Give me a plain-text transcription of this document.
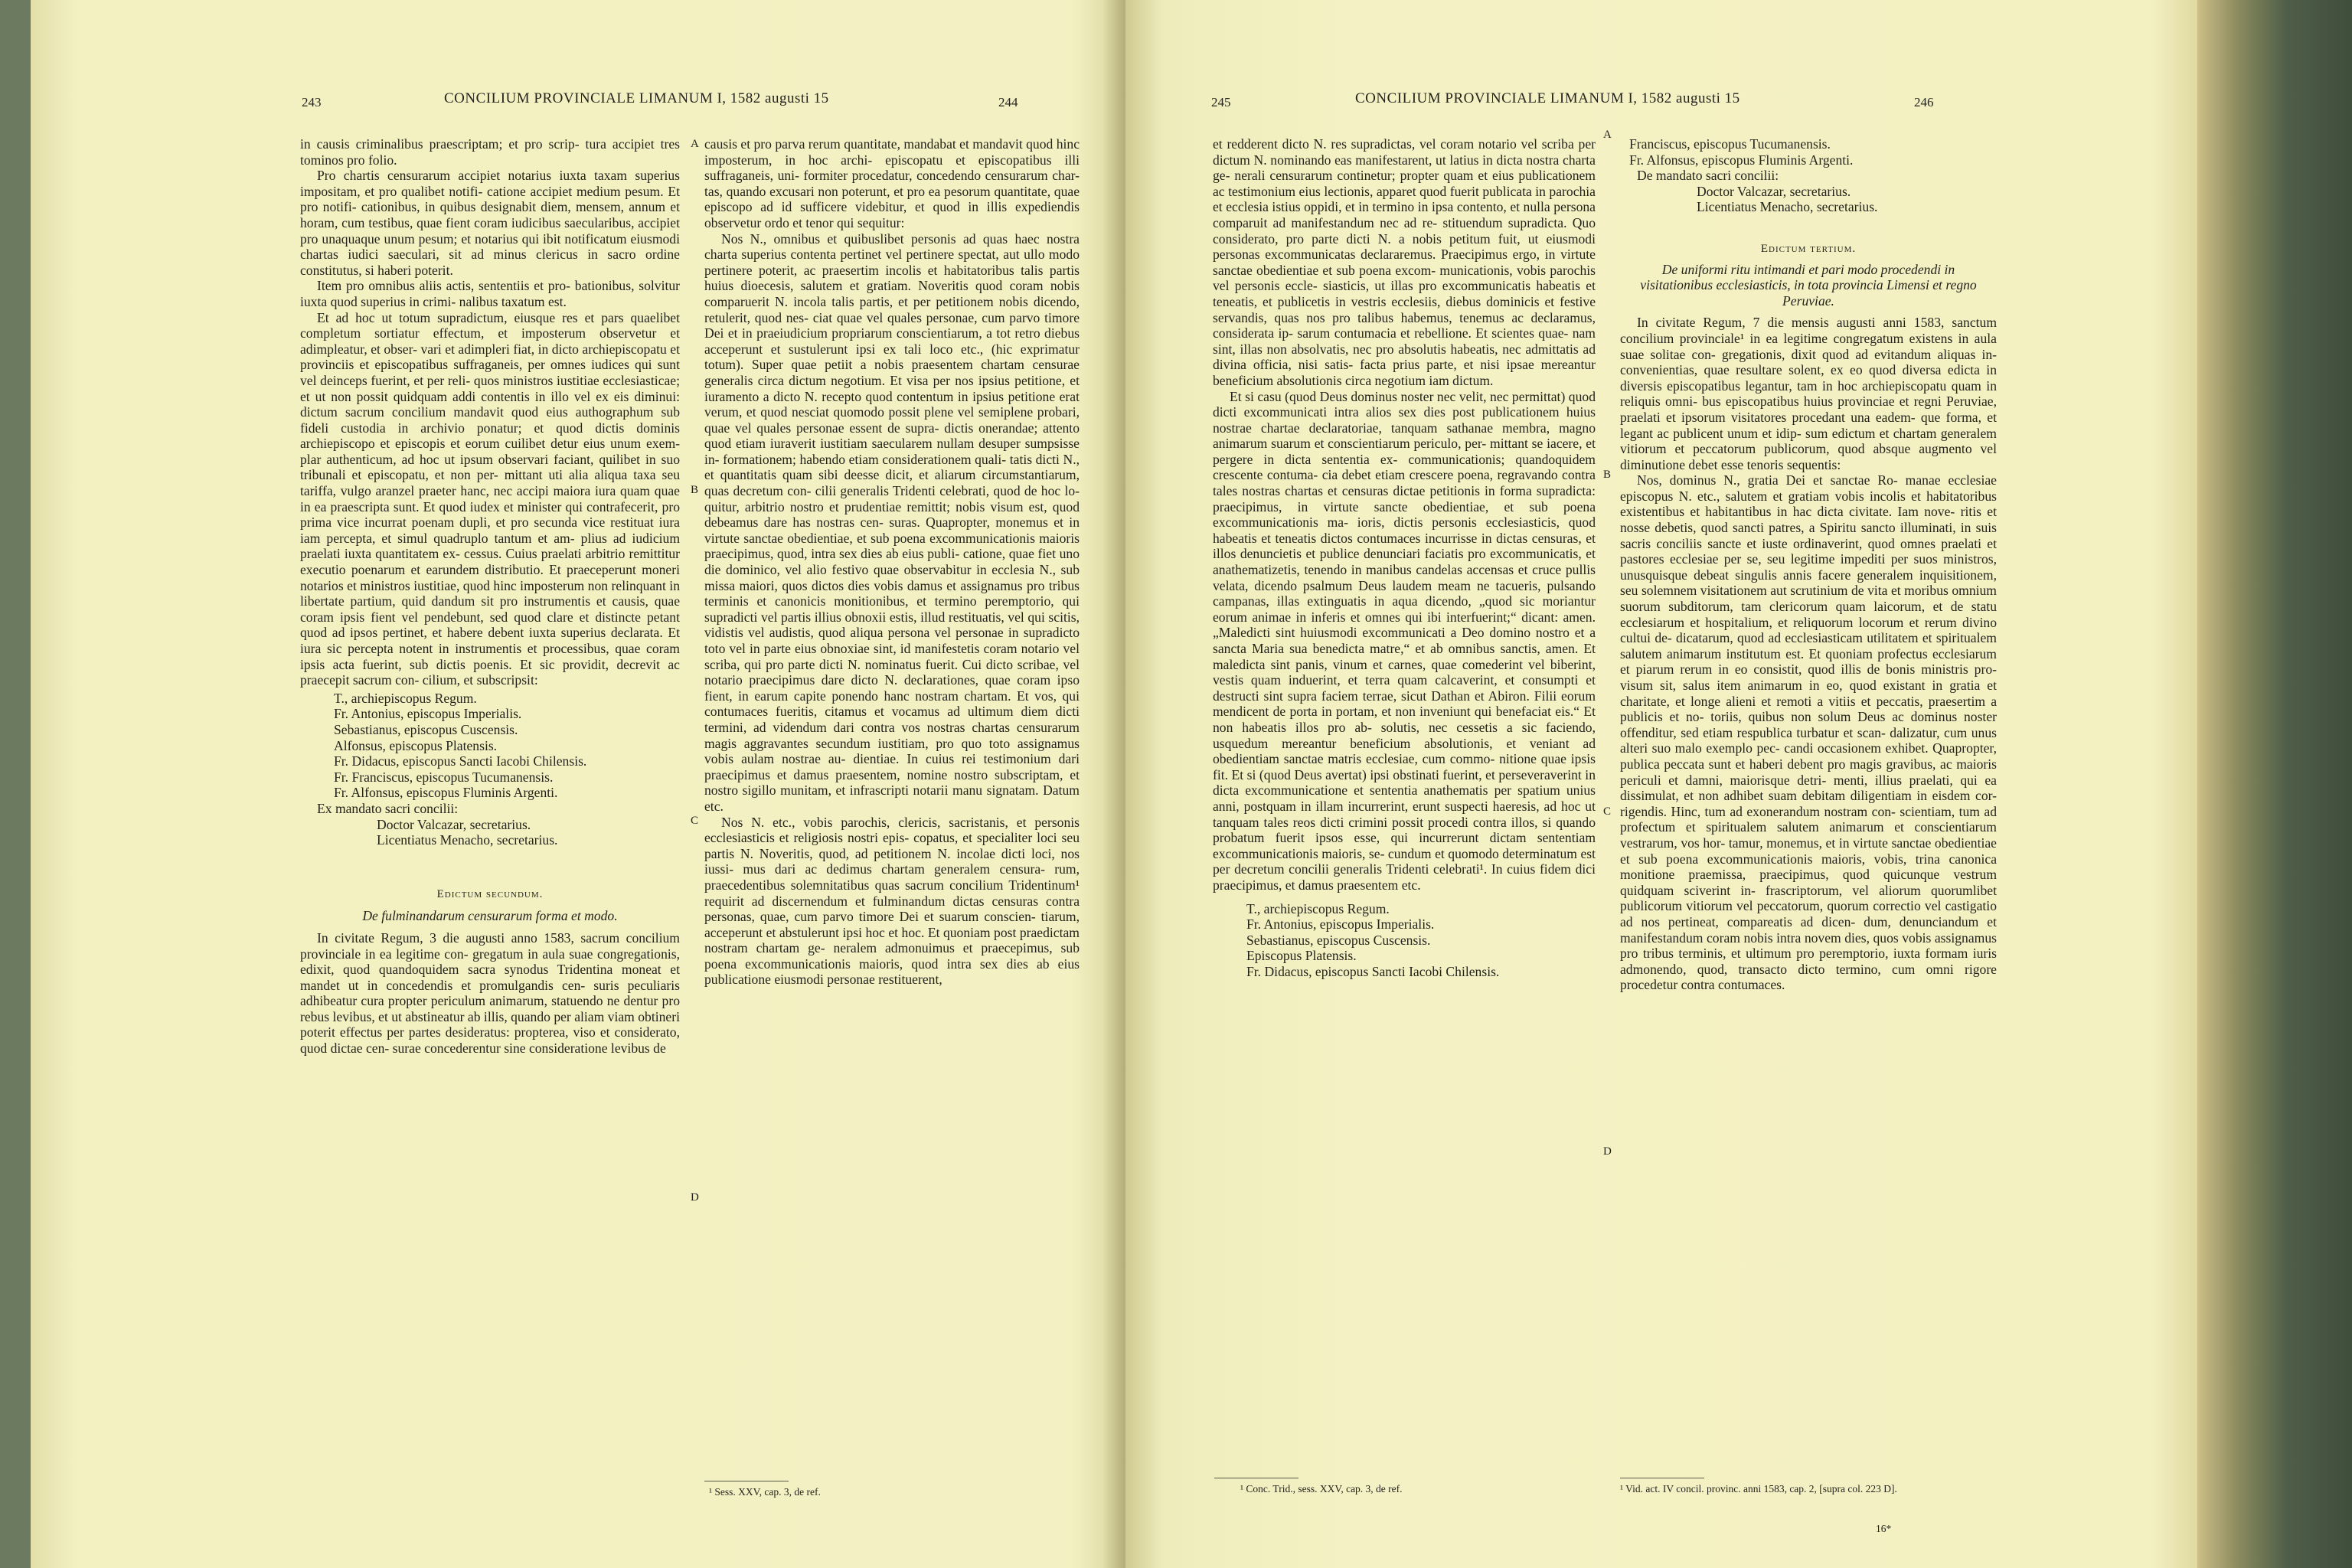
243	CONCILIUM PROVINCIALE LIMANUM I, 1582 augusti 15	244

in causis criminalibus praescriptam; et pro scrip- tura accipiet tres tominos pro folio.

Pro chartis censurarum accipiet notarius iuxta taxam superius impositam, et pro qualibet notifi- catione accipiet medium pesum. Et pro notifi- cationibus, in quibus designabit diem, mensem, annum et horam, cum testibus, quae fient coram iudicibus saecularibus, accipiet pro unaquaque unum pesum; et notarius qui ibit notificatum eiusmodi chartas iudici saeculari, sit ad minus clericus in sacro ordine constitutus, si haberi poterit.

Item pro omnibus aliis actis, sententiis et pro- bationibus, solvitur iuxta quod superius in crimi- nalibus taxatum est.

Et ad hoc ut totum supradictum, eiusque res et pars quaelibet completum sortiatur effectum, et imposterum observetur et adimpleatur, et obser- vari et adimpleri fiat, in dicto archiepiscopatu et provinciis et episcopatibus suffraganeis, per omnes iudices qui sunt vel deinceps fuerint, et per reli- quos ministros iustitiae ecclesiasticae; et ut non possit quidquam addi contentis in illo vel ex eis diminui: dictum sacrum concilium mandavit quod eius authographum sub fideli custodia in archivio ponatur; et quod dictis dominis archiepiscopo et episcopis et eorum cuilibet detur eius unum exem- plar authenticum, ad hoc ut ipsum observari faciant, quilibet in suo tribunali et episcopatu, et non per- mittant uti alia aliqua taxa seu tariffa, vulgo aranzel praeter hanc, nec accipi maiora iura quam quae in ea praescripta sunt. Et quod iudex et minister qui contrafecerit, pro prima vice incurrat poenam dupli, et pro secunda vice restituat iura iam percepta, et simul quadruplo tantum et am- plius ad iudicium praelati iuxta quantitatem ex- cessus. Cuius praelati arbitrio remittitur executio poenarum et earundem distributio. Et praeceperunt moneri notarios et ministros iustitiae, quod hinc imposterum non relinquant in libertate partium, quid dandum sit pro instrumentis et causis, quae coram ipsis fient vel pendebunt, sed quod clare et distincte petant quod ad ipsos pertinet, et habere debent iuxta superius declarata. Et iura sic percepta notent in instrumentis et processibus, quae coram ipsis acta fuerint, sub dictis poenis. Et sic providit, decrevit ac praecepit sacrum con- cilium, et subscripsit:

T., archiepiscopus Regum.

Fr. Antonius, episcopus Imperialis.

Sebastianus, episcopus Cuscensis.

Alfonsus, episcopus Platensis.

Fr. Didacus, episcopus Sancti Iacobi Chilensis.

Fr. Franciscus, episcopus Tucumanensis.

Fr. Alfonsus, episcopus Fluminis Argenti.

Ex mandato sacri concilii:

Doctor Valcazar, secretarius.

Licentiatus Menacho, secretarius.

Edictum secundum.

De fulminandarum censurarum forma et modo.

In civitate Regum, 3 die augusti anno 1583, sacrum concilium provinciale in ea legitime con- gregatum in aula suae congregationis, edixit, quod quandoquidem sacra synodus Tridentina moneat et mandet ut in concedendis et promulgandis cen- suris peculiaris adhibeatur cura propter periculum animarum, statuendo ne dentur pro rebus levibus, et ut abstineatur ab illis, quando per aliam viam obtineri poterit effectus per partes desideratus: propterea, viso et considerato, quod dictae cen- surae concederentur sine consideratione levibus de

causis et pro parva rerum quantitate, mandabat et mandavit quod hinc imposterum, in hoc archi- episcopatu et episcopatibus illi suffraganeis, uni- formiter procedatur, concedendo censurarum char- tas, quando excusari non poterunt, et pro ea pesorum quantitate, quae episcopo ad id sufficere videbitur, et quod in illis expediendis observetur ordo et tenor qui sequitur:

Nos N., omnibus et quibuslibet personis ad quas haec nostra charta superius contenta pertinet vel pertinere spectat, aut ullo modo pertinere poterit, ac praesertim incolis et habitatoribus talis partis huius dioecesis, salutem et gratiam. Noveritis quod coram nobis comparuerit N. incola talis partis, et per petitionem nobis dicendo, retulerit, quod nes- ciat quae vel quales personae, cum parvo timore Dei et in praeiudicium propriarum conscientiarum, a tot retro diebus acceperunt et sustulerunt ipsi ex tali loco etc., (hic exprimatur totum). Super quae petiit a nobis praesentem chartam censurae generalis circa dictum negotium. Et visa per nos ipsius petitione, et iuramento a dicto N. recepto quod contentum in ipsius petitione erat verum, et quod nesciat quomodo possit plene vel semiplene probari, quae vel quales personae essent de supra- dictis onerandae; attento quod etiam iuraverit iustitiam saecularem nullam desuper sumpsisse in- formationem; habendo etiam considerationem quali- tatis dicti N., et quantitatis quam sibi deesse dicit, et aliarum circumstantiarum, quas decretum con- cilii generalis Tridenti celebrati, quod de hoc lo- quitur, arbitrio nostro et prudentiae remittit; nobis visum est, quod debeamus dare has nostras cen- suras. Quapropter, monemus et in virtute sanctae obedientiae, et sub poena excommunicationis maioris praecipimus, quod, intra sex dies ab eius publi- catione, quae fiet uno die dominico, vel alio festivo quae observabitur in ecclesia N., sub missa maiori, quos dictos dies vobis damus et assignamus pro tribus terminis et canonicis monitionibus, et termino peremptorio, qui supradicti vel partis illius obnoxii estis, illud restituatis, vel qui scitis, vidistis vel audistis, quod aliqua persona vel personae in supradicto toto vel in parte eius obnoxiae sint, id manifestetis coram notario vel scriba, qui pro parte dicti N. nominatus fuerit. Cui dicto scribae, vel notario praecipimus dare dicto N. declarationes, quae coram ipso fient, in earum capite ponendo hanc nostram chartam. Et vos, qui contumaces fueritis, citamus et vocamus ad ultimum diem dicti termini, ad videndum dari contra vos nostras chartas censurarum magis aggravantes secundum iustitiam, pro quo toto assignamus vobis aulam nostrae au- dientiae. In cuius rei testimonium dari praecipimus et damus praesentem, nomine nostro subscriptam, et nostro sigillo munitam, et infrascripti notarii manu signatam. Datum etc.

Nos N. etc., vobis parochis, clericis, sacristanis, et personis ecclesiasticis et religiosis nostri epis- copatus, et specialiter loci seu partis N. Noveritis, quod, ad petitionem N. incolae dicti loci, nos iussi- mus dari ac dedimus chartam generalem censura- rum, praecedentibus solemnitatibus quas sacrum concilium Tridentinum¹ requirit ad discernendum et fulminandum dictas censuras contra personas, quae, cum parvo timore Dei et suarum conscien- tiarum, acceperunt et abstulerunt ipsi hoc et hoc. Et quoniam post praedictam nostram chartam ge- neralem admonuimus et praecepimus, sub poena excommunicationis maioris, quod intra sex dies ab eius publicatione eiusmodi personae restituerent,

¹ Sess. XXV, cap. 3, de ref.
A
B
C
D
245	CONCILIUM PROVINCIALE LIMANUM I, 1582 augusti 15	246

et redderent dicto N. res supradictas, vel coram notario vel scriba per dictum N. nominando eas manifestarent, ut latius in dicta nostra charta ge- nerali censurarum continetur; propter quam et eius publicationem ac testimonium eius lectionis, apparet quod fuerit publicata in parochia et ecclesia istius oppidi, et in termino in ipsa contento, et nulla persona comparuit ad manifestandum nec ad re- stituendum supradicta. Quo considerato, pro parte dicti N. a nobis petitum fuit, ut eiusmodi personas excommunicatas declararemus. Praecipimus ergo, in virtute sanctae obedientiae et sub poena excom- municationis, vobis parochis vel personis eccle- siasticis, ut illas pro excommunicatis habeatis et teneatis, et publicetis in vestris ecclesiis, diebus dominicis et festive servandis, quas nos pro talibus habemus, tenemus ac declaramus, considerata ip- sarum contumacia et rebellione. Et scientes quae- nam sint, illas non absolvatis, nec pro absolutis habeatis, nec admittatis ad divina officia, nisi satis- facta prius parte, et nisi ipsae mereantur beneficium absolutionis circa negotium iam dictum.

Et si casu (quod Deus dominus noster nec velit, nec permittat) quod dicti excommunicati intra alios sex dies post publicationem huius nostrae chartae declaratoriae, tanquam sathanae membra, magno animarum suarum et conscientiarum periculo, per- mittant se iacere, et pergere in dicta sententia ex- communicationis; quandoquidem crescente contuma- cia debet etiam crescere poena, regravando contra tales nostras chartas et censuras dictae petitionis in forma supradicta: praecipimus, in virtute sancte obedientiae, et sub poena excommunicationis ma- ioris, dictis personis ecclesiasticis, quod habeatis et teneatis dictos contumaces incurrisse in dictas censuras, et illos denuncietis et publice denunciari faciatis pro excommunicatis, et anathematizetis, tenendo in manibus candelas accensas et cruce pullis velata, dicendo psalmum Deus laudem meam ne tacueris, pulsando campanas, illas extinguatis in aqua dicendo, „quod sic moriantur eorum animae in inferis et omnes qui ibi interfuerint;“ dicant: amen. „Maledicti sint huiusmodi excommunicati a Deo domino nostro et a sancta Maria sua benedicta matre,“ et ab omnibus sanctis, amen. Et maledicta sint panis, vinum et carnes, quae comederint vel biberint, vestis quam induerint, et terra quam calcaverint, et consumpti et destructi sint supra faciem terrae, sicut Dathan et Abiron. Filii eorum mendicent de porta in portam, et non inveniunt qui benefaciat eis.“ Et non habeatis illos pro ab- solutis, nec cessetis a sic faciendo, usquedum mereantur beneficium absolutionis, et veniant ad obedientiam sanctae matris ecclesiae, cum commo- nitione quae ipsis fit. Et si (quod Deus avertat) ipsi obstinati fuerint, et perseveraverint in dicta excommunicatione et sententia anathematis per spatium unius anni, postquam in illam incurrerint, erunt suspecti haeresis, ad hoc ut tanquam tales reos dicti crimini possit procedi contra illos, si quando probatum fuerit ipsos esse, qui incurrerunt dictam sententiam excommunicationis maioris, se- cundum et quomodo determinatum est per decretum concilii generalis Tridenti celebrati¹. In cuius fidem dici praecipimus, et damus praesentem etc.

T., archiepiscopus Regum.

Fr. Antonius, episcopus Imperialis.

Sebastianus, episcopus Cuscensis.

Episcopus Platensis.

Fr. Didacus, episcopus Sancti Iacobi Chilensis.

Franciscus, episcopus Tucumanensis.

Fr. Alfonsus, episcopus Fluminis Argenti.

De mandato sacri concilii:

Doctor Valcazar, secretarius.

Licentiatus Menacho, secretarius.

Edictum tertium.

De uniformi ritu intimandi et pari modo procedendi in visitationibus ecclesiasticis, in tota provincia Limensi et regno Peruviae.

In civitate Regum, 7 die mensis augusti anni 1583, sanctum concilium provinciale¹ in ea legitime congregatum existens in aula suae solitae con- gregationis, dixit quod ad evitandum aliquas in- convenientias, quae resultare solent, ex eo quod diversa edicta in diversis episcopatibus legantur, tam in hoc archiepiscopatu quam in reliquis omni- bus episcopatibus huius provinciae et regni Peruviae, praelati et ipsorum visitatores procedant una eadem- que forma, et legant ac publicent unum et idip- sum edictum et chartam generalem vitiorum et peccatorum publicorum, quod absque augmento vel diminutione debet esse tenoris sequentis:

Nos, dominus N., gratia Dei et sanctae Ro- manae ecclesiae episcopus N. etc., salutem et gratiam vobis incolis et habitatoribus existentibus et habitantibus in hac dicta civitate. Iam nove- ritis et nosse debetis, quod sancti patres, a Spiritu sancto illuminati, in suis sacris conciliis sancte et iuste ordinaverint, quod omnes praelati et pastores ecclesiae per se, seu legitime impediti per suos ministros, unusquisque debeat singulis annis facere generalem inquisitionem, seu solemnem visitationem aut scrutinium de vita et moribus omnium suorum subditorum, tam clericorum quam laicorum, et de statu ecclesiarum et hospitalium, et reliquorum locorum et rerum divino cultui de- dicatarum, quod ad ecclesiasticam utilitatem et spiritualem salutem animarum institutum est. Et quoniam profectus ecclesiarum et piarum rerum in eo consistit, quod illis de bonis ministris pro- visum sit, salus item animarum in eo, quod existant in gratia et charitate, et longe alieni et remoti a vitiis et peccatis, praesertim a publicis et no- toriis, quibus non solum Deus ac dominus noster offenditur, sed etiam respublica turbatur et scan- dalizatur, cum unus alteri suo malo exemplo pec- candi occasionem exhibet. Quapropter, publica peccata sunt et haberi debent pro magis gravibus, ac maioris periculi et damni, maiorisque detri- menti, illius praelati, qui ea dissimulat, et non adhibet suam debitam diligentiam in eisdem cor- rigendis. Hinc, tum ad exonerandum nostram con- scientiam, tum ad profectum et spiritualem salutem animarum et conscientiarum vestrarum, vos hor- tamur, monemus, et in virtute sanctae obedientiae et sub poena excommunicationis maioris, vobis, trina canonica monitione praemissa, praecipimus, quod quicunque vestrum quidquam sciverint in- frascriptorum, vel aliorum quorumlibet publicorum vitiorum vel peccatorum, quorum correctio vel castigatio ad nos pertineat, compareatis ad dicen- dum, denunciandum et manifestandum coram nobis intra novem dies, quos vobis assignamus pro tribus terminis, et ultimum pro peremptorio, iuxta formam iuris admonendo, quod, transacto dicto termino, cum omni rigore procedetur contra contumaces.

¹ Conc. Trid., sess. XXV, cap. 3, de ref.	¹ Vid. act. IV concil. provinc. anni 1583, cap. 2, [supra col. 223 D].
16*
A
B
C
D
